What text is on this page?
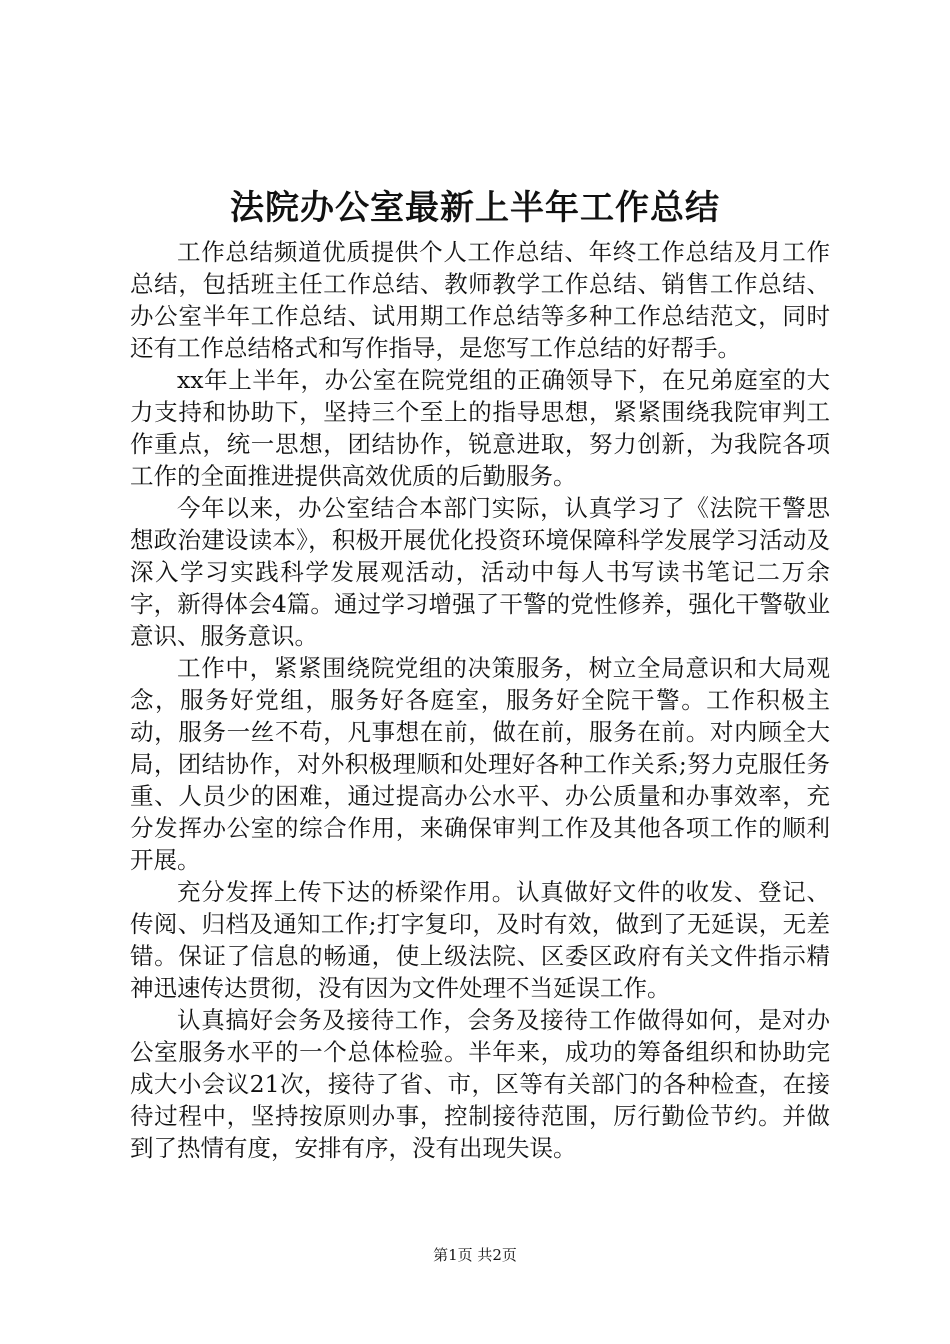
法院办公室最新上半年工作总结

工作总结频道优质提供个人工作总结、年终工作总结及月工作总结，包括班主任工作总结、教师教学工作总结、销售工作总结、办公室半年工作总结、试用期工作总结等多种工作总结范文，同时还有工作总结格式和写作指导，是您写工作总结的好帮手。

xx年上半年，办公室在院党组的正确领导下，在兄弟庭室的大力支持和协助下，坚持三个至上的指导思想，紧紧围绕我院审判工作重点，统一思想，团结协作，锐意进取，努力创新，为我院各项工作的全面推进提供高效优质的后勤服务。

今年以来，办公室结合本部门实际，认真学习了《法院干警思想政治建设读本》，积极开展优化投资环境保障科学发展学习活动及深入学习实践科学发展观活动，活动中每人书写读书笔记二万余字，新得体会4篇。通过学习增强了干警的党性修养，强化干警敬业意识、服务意识。

工作中，紧紧围绕院党组的决策服务，树立全局意识和大局观念，服务好党组，服务好各庭室，服务好全院干警。工作积极主动，服务一丝不苟，凡事想在前，做在前，服务在前。对内顾全大局，团结协作，对外积极理顺和处理好各种工作关系;努力克服任务重、人员少的困难，通过提高办公水平、办公质量和办事效率，充分发挥办公室的综合作用，来确保审判工作及其他各项工作的顺利开展。

充分发挥上传下达的桥梁作用。认真做好文件的收发、登记、传阅、归档及通知工作;打字复印，及时有效，做到了无延误，无差错。保证了信息的畅通，使上级法院、区委区政府有关文件指示精神迅速传达贯彻，没有因为文件处理不当延误工作。

认真搞好会务及接待工作，会务及接待工作做得如何，是对办公室服务水平的一个总体检验。半年来，成功的筹备组织和协助完成大小会议21次，接待了省、市，区等有关部门的各种检查，在接待过程中，坚持按原则办事，控制接待范围，厉行勤俭节约。并做到了热情有度，安排有序，没有出现失误。

第1页 共2页
